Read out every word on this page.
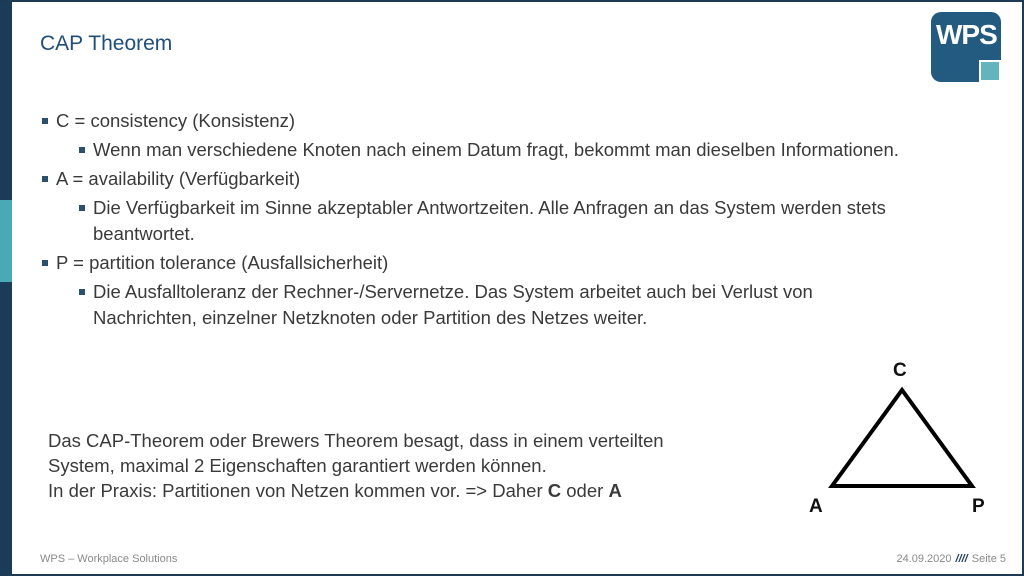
CAP Theorem	WPS
C = consistency (Konsistenz)
Wenn man verschiedene Knoten nach einem Datum fragt, bekommt man dieselben Informationen.
A = availability (Verfügbarkeit)
Die Verfügbarkeit im Sinne akzeptabler Antwortzeiten. Alle Anfragen an das System werden stets beantwortet.
P = partition tolerance (Ausfallsicherheit)
Die Ausfalltoleranz der Rechner-/Servernetze. Das System arbeitet auch bei Verlust von Nachrichten, einzelner Netzknoten oder Partition des Netzes weiter.
Das CAP-Theorem oder Brewers Theorem besagt, dass in einem verteilten
System, maximal 2 Eigenschaften garantiert werden können.
In der Praxis: Partitionen von Netzen kommen vor. => Daher C oder A
C
A	P
WPS – Workplace Solutions	24.09.2020 //// Seite 5
